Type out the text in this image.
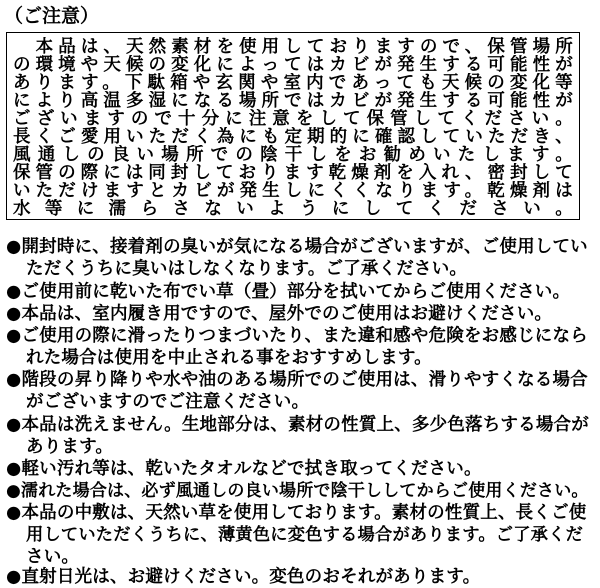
（ご注意）
　本品は、天然素材を使用しておりますので、保管場所
の環境や天候の変化によってはカビが発生する可能性が
あります。下駄箱や玄関や室内であっても天候の変化等
により高温多湿になる場所ではカビが発生する可能性が
ございますので十分に注意をして保管してください。
長くご愛用いただく為にも定期的に確認していただき、
風通しの良い場所での陰干しをお勧めいたします。
保管の際には同封しております乾燥剤を入れ、密封して
いただけますとカビが発生しにくくなります。乾燥剤は
水等に濡らさないようにしてください。
●開封時に、接着剤の臭いが気になる場合がございますが、ご使用してい
ただくうちに臭いはしなくなります。ご了承ください。
●ご使用前に乾いた布でい草（畳）部分を拭いてからご使用ください。
●本品は、室内履き用ですので、屋外でのご使用はお避けください。
●ご使用の際に滑ったりつまづいたり、また違和感や危険をお感じになら
れた場合は使用を中止される事をおすすめします。
●階段の昇り降りや水や油のある場所でのご使用は、滑りやすくなる場合
がございますのでご注意ください。
●本品は洗えません。生地部分は、素材の性質上、多少色落ちする場合が
あります。
●軽い汚れ等は、乾いたタオルなどで拭き取ってください。
●濡れた場合は、必ず風通しの良い場所で陰干ししてからご使用ください。
●本品の中敷は、天然い草を使用しております。素材の性質上、長くご使
用していただくうちに、薄黄色に変色する場合があります。ご了承くだ
さい。
●直射日光は、お避けください。変色のおそれがあります。
